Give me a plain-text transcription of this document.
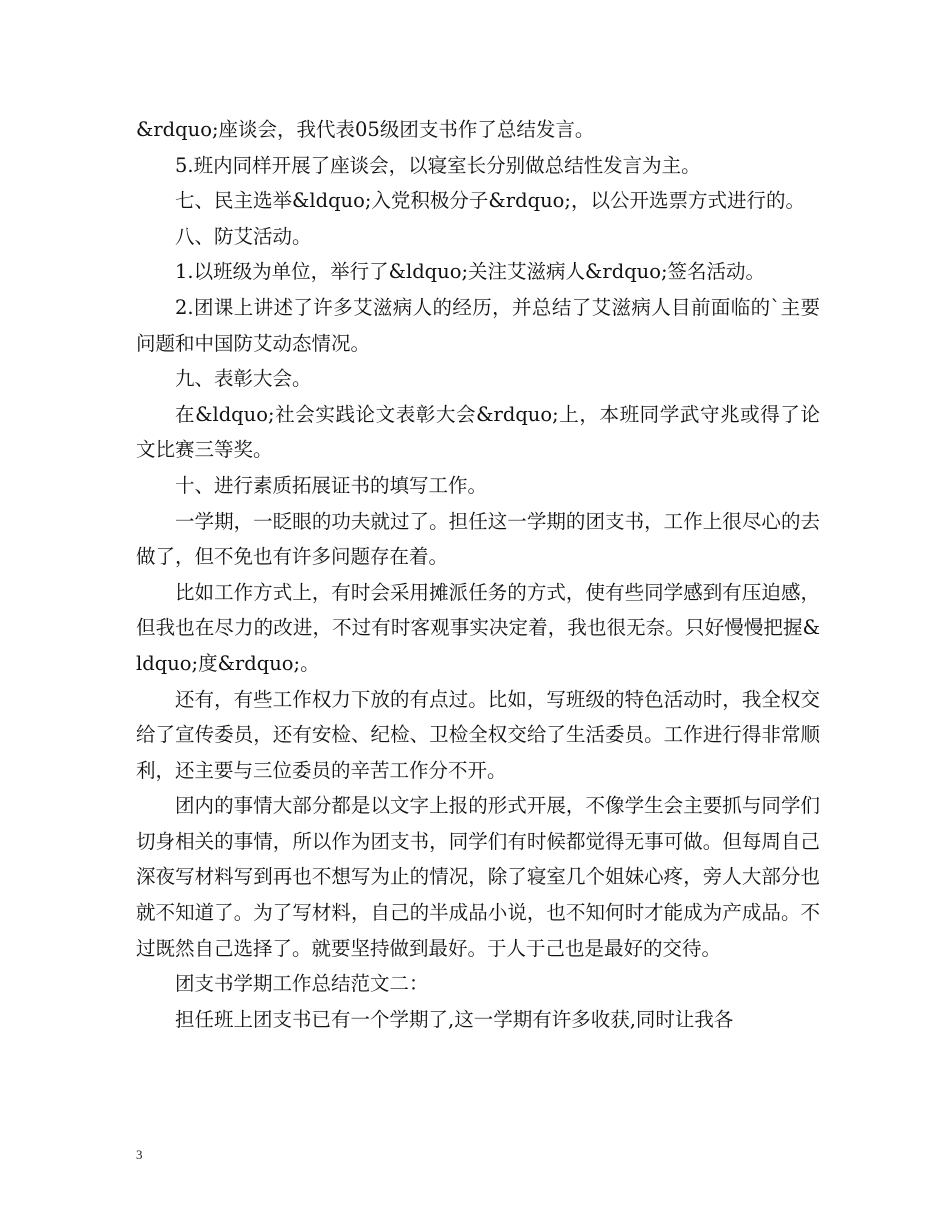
&rdquo;座谈会，我代表05级团支书作了总结发言。

5.班内同样开展了座谈会，以寝室长分别做总结性发言为主。

七、民主选举&ldquo;入党积极分子&rdquo;，以公开选票方式进行的。

八、防艾活动。

1.以班级为单位，举行了&ldquo;关注艾滋病人&rdquo;签名活动。

2.团课上讲述了许多艾滋病人的经历，并总结了艾滋病人目前面临的`主要问题和中国防艾动态情况。

九、表彰大会。

在&ldquo;社会实践论文表彰大会&rdquo;上，本班同学武守兆或得了论文比赛三等奖。

十、进行素质拓展证书的填写工作。

一学期，一眨眼的功夫就过了。担任这一学期的团支书，工作上很尽心的去做了，但不免也有许多问题存在着。

比如工作方式上，有时会采用摊派任务的方式，使有些同学感到有压迫感，但我也在尽力的改进，不过有时客观事实决定着，我也很无奈。只好慢慢把握&ldquo;度&rdquo;。

还有，有些工作权力下放的有点过。比如，写班级的特色活动时，我全权交给了宣传委员，还有安检、纪检、卫检全权交给了生活委员。工作进行得非常顺利，还主要与三位委员的辛苦工作分不开。

团内的事情大部分都是以文字上报的形式开展，不像学生会主要抓与同学们切身相关的事情，所以作为团支书，同学们有时候都觉得无事可做。但每周自己深夜写材料写到再也不想写为止的情况，除了寝室几个姐妹心疼，旁人大部分也就不知道了。为了写材料，自己的半成品小说，也不知何时才能成为产成品。不过既然自己选择了。就要坚持做到最好。于人于己也是最好的交待。

团支书学期工作总结范文二：

担任班上团支书已有一个学期了,这一学期有许多收获,同时让我各

3
